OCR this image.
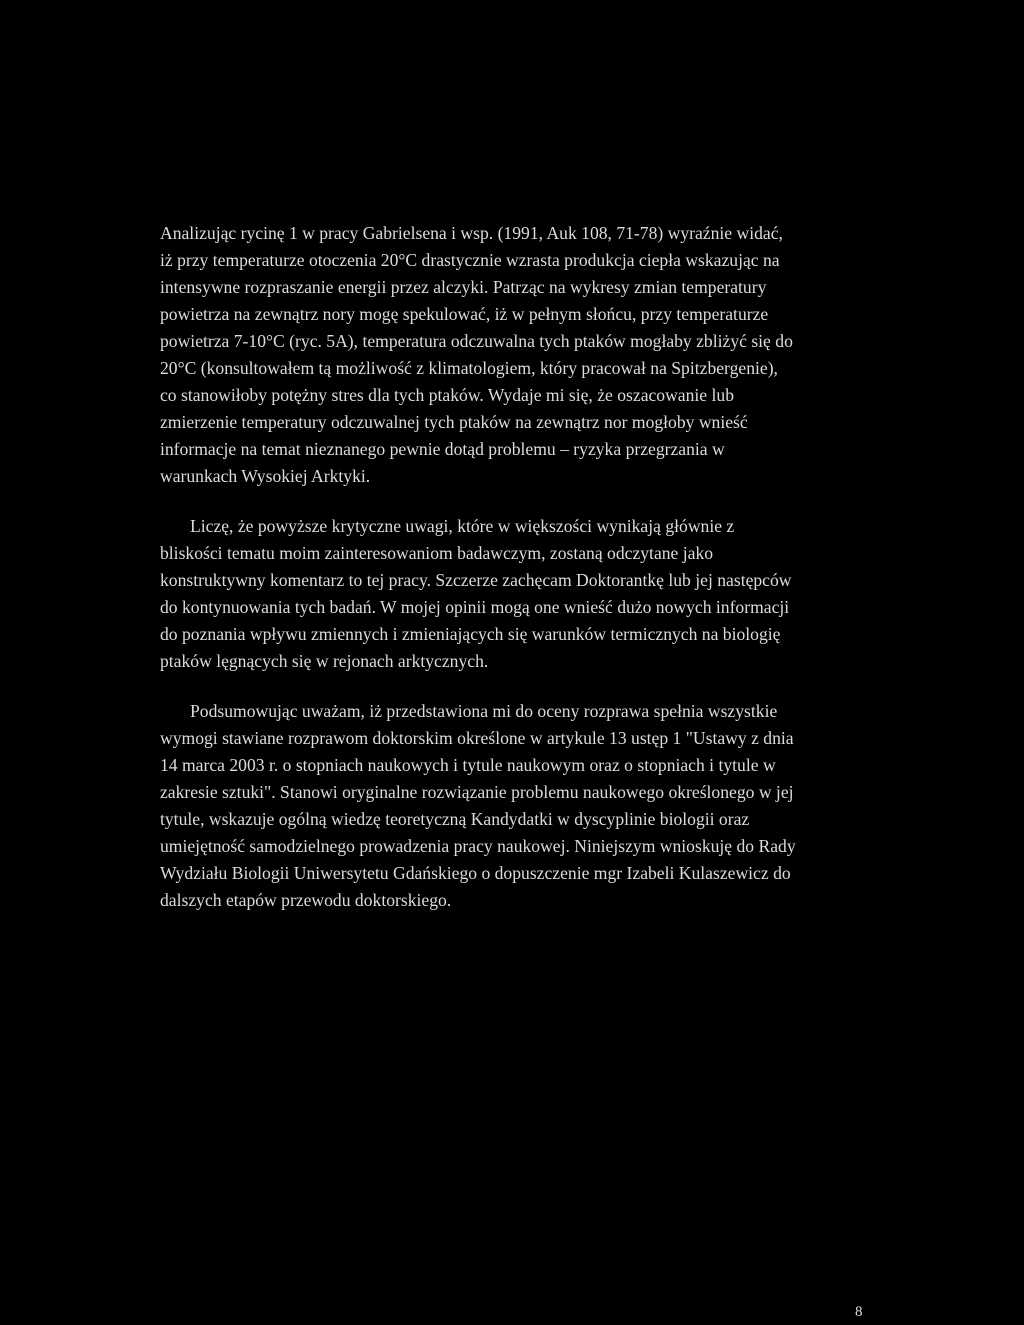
Analizując rycinę 1 w pracy Gabrielsena i wsp. (1991, Auk 108, 71-78) wyraźnie widać,
iż przy temperaturze otoczenia 20°C drastycznie wzrasta produkcja ciepła wskazując na
intensywne rozpraszanie energii przez alczyki. Patrząc na wykresy zmian temperatury
powietrza na zewnątrz nory mogę spekulować, iż w pełnym słońcu, przy temperaturze
powietrza 7-10°C (ryc. 5A), temperatura odczuwalna tych ptaków mogłaby zbliżyć się do
20°C (konsultowałem tą możliwość z klimatologiem, który pracował na Spitzbergenie),
co stanowiłoby potężny stres dla tych ptaków. Wydaje mi się, że oszacowanie lub
zmierzenie temperatury odczuwalnej tych ptaków na zewnątrz nor mogłoby wnieść
informacje na temat nieznanego pewnie dotąd problemu – ryzyka przegrzania w
warunkach Wysokiej Arktyki.

Liczę, że powyższe krytyczne uwagi, które w większości wynikają głównie z
bliskości tematu moim zainteresowaniom badawczym, zostaną odczytane jako
konstruktywny komentarz to tej pracy. Szczerze zachęcam Doktorantkę lub jej następców
do kontynuowania tych badań. W mojej opinii mogą one wnieść dużo nowych informacji
do poznania wpływu zmiennych i zmieniających się warunków termicznych na biologię
ptaków lęgnących się w rejonach arktycznych.

Podsumowując uważam, iż przedstawiona mi do oceny rozprawa spełnia wszystkie
wymogi stawiane rozprawom doktorskim określone w artykule 13 ustęp 1 "Ustawy z dnia
14 marca 2003 r. o stopniach naukowych i tytule naukowym oraz o stopniach i tytule w
zakresie sztuki". Stanowi oryginalne rozwiązanie problemu naukowego określonego w jej
tytule, wskazuje ogólną wiedzę teoretyczną Kandydatki w dyscyplinie biologii oraz
umiejętność samodzielnego prowadzenia pracy naukowej. Niniejszym wnioskuję do Rady
Wydziału Biologii Uniwersytetu Gdańskiego o dopuszczenie mgr Izabeli Kulaszewicz do
dalszych etapów przewodu doktorskiego.

8
